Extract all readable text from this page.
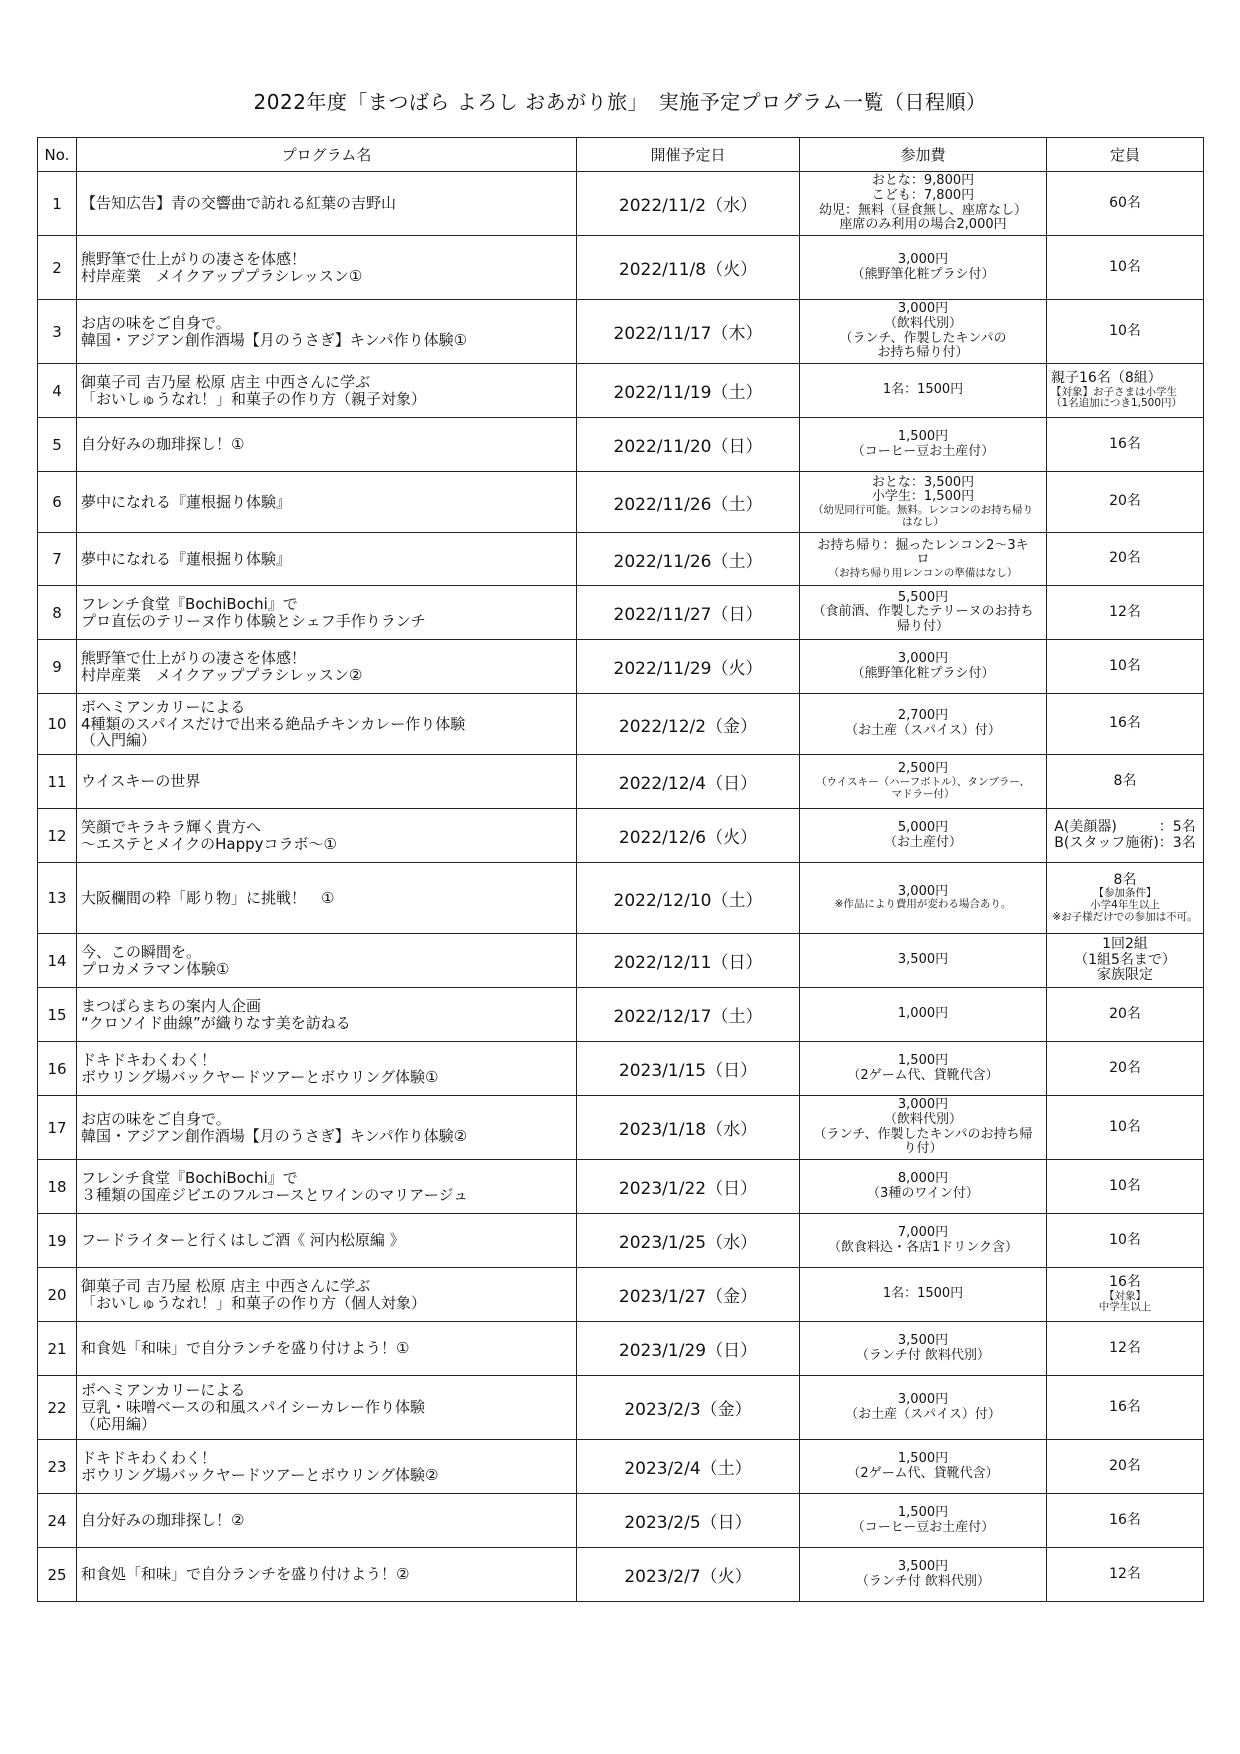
2022年度「まつばら よろし おあがり旅」　実施予定プログラム一覧（日程順）
No.	プログラム名	開催予定日	参加費	定員
1	【告知広告】青の交響曲で訪れる紅葉の吉野山	2022/11/2（水）	おとな：9,800円
こども：7,800円
幼児：無料（昼食無し、座席なし）
座席のみ利用の場合2,000円	60名

2	熊野筆で仕上がりの凄さを体感！
村岸産業　メイクアッププラシレッスン①	2022/11/8（火）	3,000円
（熊野筆化粧プラシ付）	10名

3	お店の味をご自身で。
韓国・アジアン創作酒場【月のうさぎ】キンパ作り体験①	2022/11/17（木）	3,000円
（飲料代別）
（ランチ、作製したキンパの
お持ち帰り付）	10名

4	御菓子司 吉乃屋 松原 店主 中西さんに学ぶ
「おいしゅうなれ！」和菓子の作り方（親子対象）	2022/11/19（土）	1名：1500円	親子16名（8組）
【対象】お子さまは小学生
（1名追加につき1,500円）

5	自分好みの珈琲探し！①	2022/11/20（日）	1,500円
（コーヒー豆お土産付）	16名

6	夢中になれる『蓮根掘り体験』	2022/11/26（土）	おとな：3,500円
小学生：1,500円
（幼児同行可能。無料。レンコンのお持ち帰り
はなし）	20名

7	夢中になれる『蓮根掘り体験』	2022/11/26（土）	お持ち帰り：掘ったレンコン2〜3キ
ロ
（お持ち帰り用レンコンの準備はなし）	20名

8	フレンチ食堂『BochiBochi』で
プロ直伝のテリーヌ作り体験とシェフ手作りランチ	2022/11/27（日）	5,500円
（食前酒、作製したテリーヌのお持ち
帰り付）	12名

9	熊野筆で仕上がりの凄さを体感！
村岸産業　メイクアッププラシレッスン②	2022/11/29（火）	3,000円
（熊野筆化粧プラシ付）	10名

10	ボヘミアンカリーによる
4種類のスパイスだけで出来る絶品チキンカレー作り体験
（入門編）	2022/12/2（金）	2,700円
（お土産（スパイス）付）	16名

11	ウイスキーの世界	2022/12/4（日）	2,500円
（ウイスキー（ハーフボトル）、タンブラー、
マドラー付）	8名

12	笑顔でキラキラ輝く貴方へ
〜エステとメイクのHappyコラボ〜①	2022/12/6（火）	5,000円
（お土産付）	A(美顔器)　　　：5名
B(スタッフ施術)：3名

13	大阪欄間の粋「彫り物」に挑戦！　①	2022/12/10（土）	3,000円
※作品により費用が変わる場合あり。	8名
【参加条件】
小学4年生以上
※お子様だけでの参加は不可。

14	今、この瞬間を。
プロカメラマン体験①	2022/12/11（日）	3,500円	1回2組
（1組5名まで）
家族限定

15	まつばらまちの案内人企画
“クロソイド曲線”が織りなす美を訪ねる	2022/12/17（土）	1,000円	20名

16	ドキドキわくわく！
ボウリング場バックヤードツアーとボウリング体験①	2023/1/15（日）	1,500円
（2ゲーム代、貸靴代含）	20名

17	お店の味をご自身で。
韓国・アジアン創作酒場【月のうさぎ】キンパ作り体験②	2023/1/18（水）	3,000円
（飲料代別）
（ランチ、作製したキンパのお持ち帰
り付）	10名

18	フレンチ食堂『BochiBochi』で
３種類の国産ジビエのフルコースとワインのマリアージュ	2023/1/22（日）	8,000円
（3種のワイン付）	10名

19	フードライターと行くはしご酒《 河内松原編 》	2023/1/25（水）	7,000円
（飲食料込・各店1ドリンク含）	10名

20	御菓子司 吉乃屋 松原 店主 中西さんに学ぶ
「おいしゅうなれ！」和菓子の作り方（個人対象）	2023/1/27（金）	1名：1500円	16名
【対象】
中学生以上

21	和食処「和味」で自分ランチを盛り付けよう！①	2023/1/29（日）	3,500円
（ランチ付 飲料代別）	12名

22	ボヘミアンカリーによる
豆乳・味噌ベースの和風スパイシーカレー作り体験
（応用編）	2023/2/3（金）	3,000円
（お土産（スパイス）付）	16名

23	ドキドキわくわく！
ボウリング場バックヤードツアーとボウリング体験②	2023/2/4（土）	1,500円
（2ゲーム代、貸靴代含）	20名

24	自分好みの珈琲探し！②	2023/2/5（日）	1,500円
（コーヒー豆お土産付）	16名

25	和食処「和味」で自分ランチを盛り付けよう！②	2023/2/7（火）	3,500円
（ランチ付 飲料代別）	12名
